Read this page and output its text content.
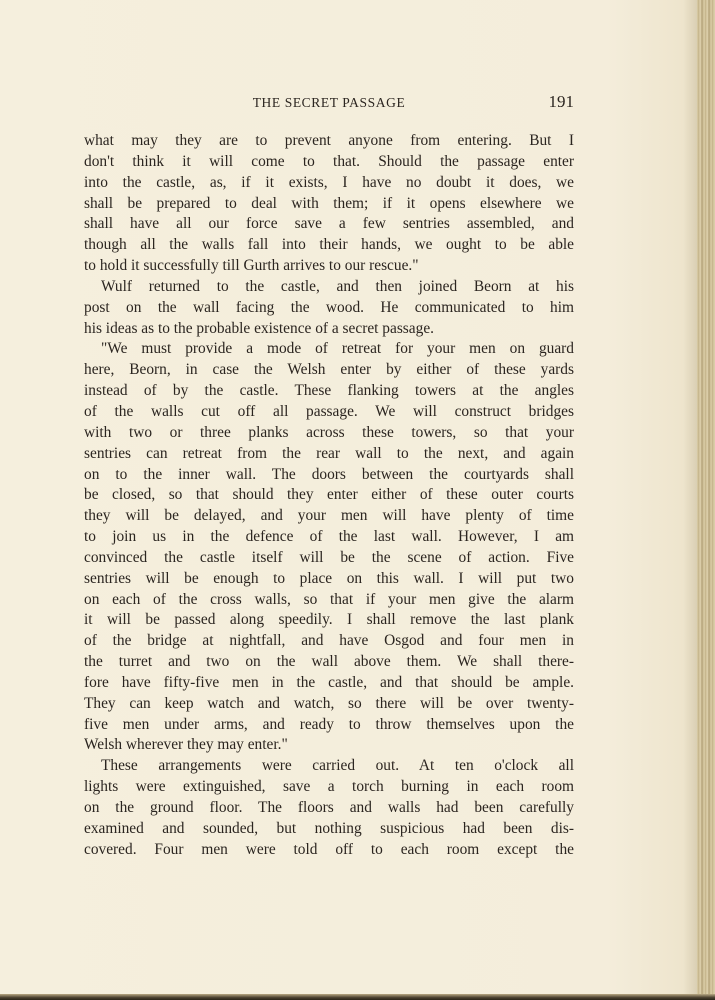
THE SECRET PASSAGE	191
what may they are to prevent anyone from entering. But I
don't think it will come to that. Should the passage enter
into the castle, as, if it exists, I have no doubt it does, we
shall be prepared to deal with them; if it opens elsewhere we
shall have all our force save a few sentries assembled, and
though all the walls fall into their hands, we ought to be able
to hold it successfully till Gurth arrives to our rescue."
Wulf returned to the castle, and then joined Beorn at his
post on the wall facing the wood. He communicated to him
his ideas as to the probable existence of a secret passage.
"We must provide a mode of retreat for your men on guard
here, Beorn, in case the Welsh enter by either of these yards
instead of by the castle. These flanking towers at the angles
of the walls cut off all passage. We will construct bridges
with two or three planks across these towers, so that your
sentries can retreat from the rear wall to the next, and again
on to the inner wall. The doors between the courtyards shall
be closed, so that should they enter either of these outer courts
they will be delayed, and your men will have plenty of time
to join us in the defence of the last wall. However, I am
convinced the castle itself will be the scene of action. Five
sentries will be enough to place on this wall. I will put two
on each of the cross walls, so that if your men give the alarm
it will be passed along speedily. I shall remove the last plank
of the bridge at nightfall, and have Osgod and four men in
the turret and two on the wall above them. We shall there-
fore have fifty-five men in the castle, and that should be ample.
They can keep watch and watch, so there will be over twenty-
five men under arms, and ready to throw themselves upon the
Welsh wherever they may enter."
These arrangements were carried out. At ten o'clock all
lights were extinguished, save a torch burning in each room
on the ground floor. The floors and walls had been carefully
examined and sounded, but nothing suspicious had been dis-
covered. Four men were told off to each room except the
